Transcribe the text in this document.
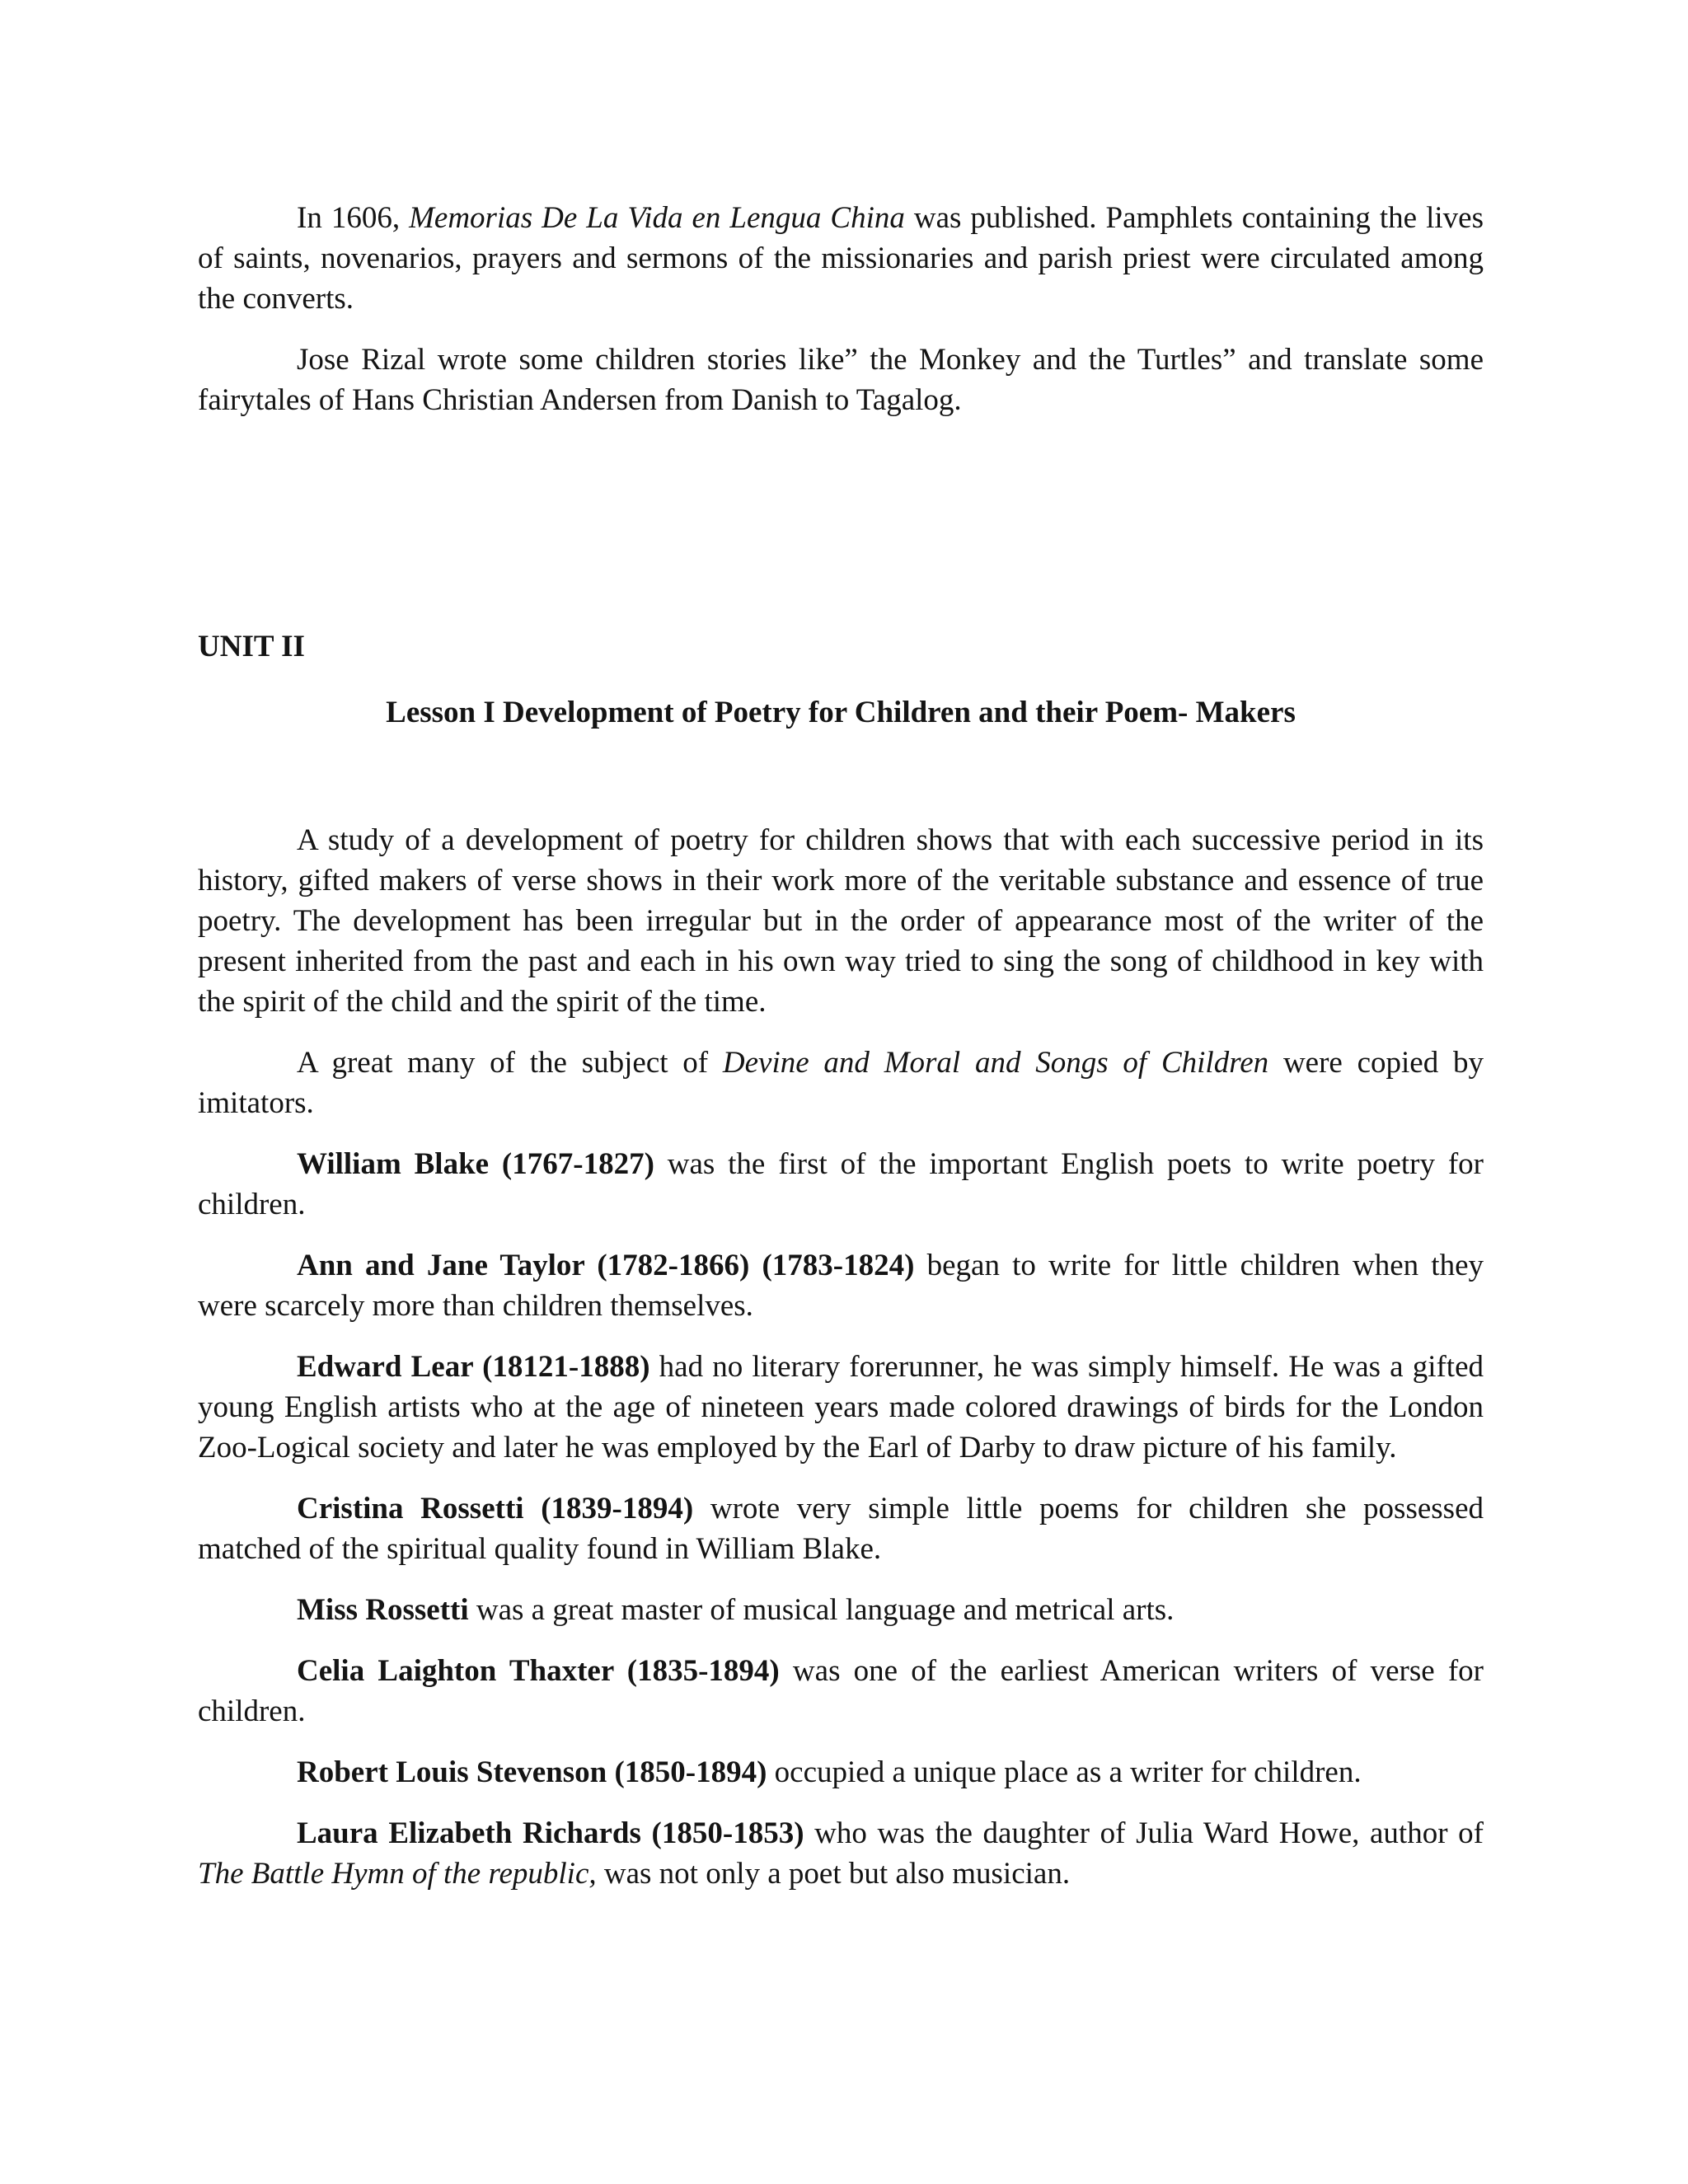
In 1606, Memorias De La Vida en Lengua China was published. Pamphlets containing the lives of saints, novenarios, prayers and sermons of the missionaries and parish priest were circulated among the converts.

Jose Rizal wrote some children stories like” the Monkey and the Turtles” and translate some fairytales of Hans Christian Andersen from Danish to Tagalog.

UNIT II
Lesson I Development of Poetry for Children and their Poem- Makers

A study of a development of poetry for children shows that with each successive period in its history, gifted makers of verse shows in their work more of the veritable substance and essence of true poetry. The development has been irregular but in the order of appearance most of the writer of the present inherited from the past and each in his own way tried to sing the song of childhood in key with the spirit of the child and the spirit of the time.

A great many of the subject of Devine and Moral and Songs of Children were copied by imitators.

William Blake (1767-1827) was the first of the important English poets to write poetry for children.

Ann and Jane Taylor (1782-1866) (1783-1824) began to write for little children when they were scarcely more than children themselves.

Edward Lear (18121-1888) had no literary forerunner, he was simply himself. He was a gifted young English artists who at the age of nineteen years made colored drawings of birds for the London Zoo-Logical society and later he was employed by the Earl of Darby to draw picture of his family.

Cristina Rossetti (1839-1894) wrote very simple little poems for children she possessed matched of the spiritual quality found in William Blake.

Miss Rossetti was a great master of musical language and metrical arts.

Celia Laighton Thaxter (1835-1894) was one of the earliest American writers of verse for children.

Robert Louis Stevenson (1850-1894) occupied a unique place as a writer for children.

Laura Elizabeth Richards (1850-1853) who was the daughter of Julia Ward Howe, author of The Battle Hymn of the republic, was not only a poet but also musician.
